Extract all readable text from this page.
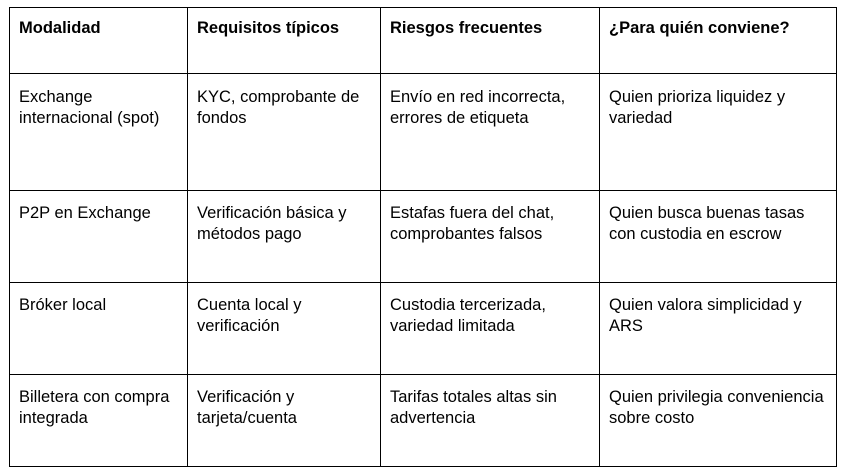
Modalidad	Requisitos típicos	Riesgos frecuentes	¿Para quién conviene?
Exchange internacional (spot)	KYC, comprobante de fondos	Envío en red incorrecta, errores de etiqueta	Quien prioriza liquidez y variedad
P2P en Exchange	Verificación básica y métodos pago	Estafas fuera del chat, comprobantes falsos	Quien busca buenas tasas con custodia en escrow
Bróker local	Cuenta local y verificación	Custodia tercerizada, variedad limitada	Quien valora simplicidad y ARS
Billetera con compra integrada	Verificación y tarjeta/cuenta	Tarifas totales altas sin advertencia	Quien privilegia conveniencia sobre costo
